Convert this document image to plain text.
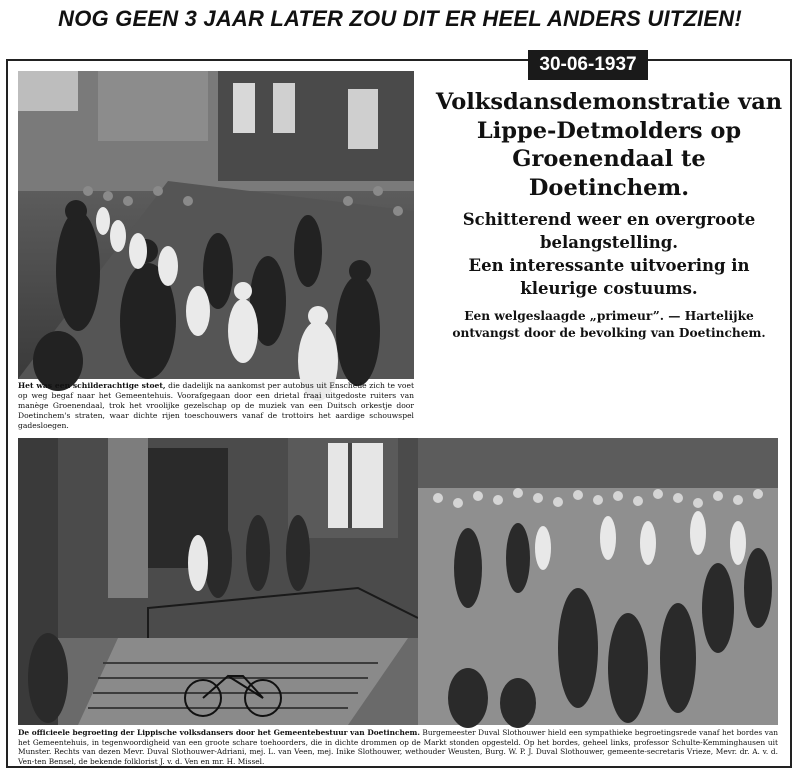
NOG GEEN 3 JAAR LATER ZOU DIT ER HEEL ANDERS UITZIEN!
Het was een schilderachtige stoet, die dadelijk na aankomst per autobus uit Enschede zich te voet op weg begaf naar het Gemeentehuis. Voorafgegaan door een drietal fraai uitgedoste ruiters van manège Groenendaal, trok het vroolijke gezelschap op de muziek van een Duitsch orkestje door Doetinchem's straten, waar dichte rijen toeschouwers vanaf de trottoirs het aardige schouwspel gadesloegen.
30-06-1937

Volksdansdemonstratie van Lippe-Detmolders op Groenendaal te Doetinchem.

Schitterend weer en overgroote belangstelling.

Een interessante uitvoering in kleurige costuums.

Een welgeslaagde „primeur”. — Hartelijke ontvangst door de bevolking van Doetinchem.

De officieele begroeting der Lippische volksdansers door het Gemeentebestuur van Doetinchem. Burgemeester Duval Slothouwer hield een sympathieke begroetingsrede vanaf het bordes van het Gemeentehuis, in tegenwoordigheid van een groote schare toehoorders, die in dichte drommen op de Markt stonden opgesteld. Op het bordes, geheel links, professor Schulte-Kemminghausen uit Munster. Rechts van dezen Mevr. Duval Slothouwer-Adriani, mej. L. van Veen, mej. Inike Slothouwer, wethouder Weusten, Burg. W. P. J. Duval Slothouwer, gemeente-secretaris Vrieze, Mevr. dr. A. v. d. Ven-ten Bensel, de bekende folklorist J. v. d. Ven en mr. H. Missel.
